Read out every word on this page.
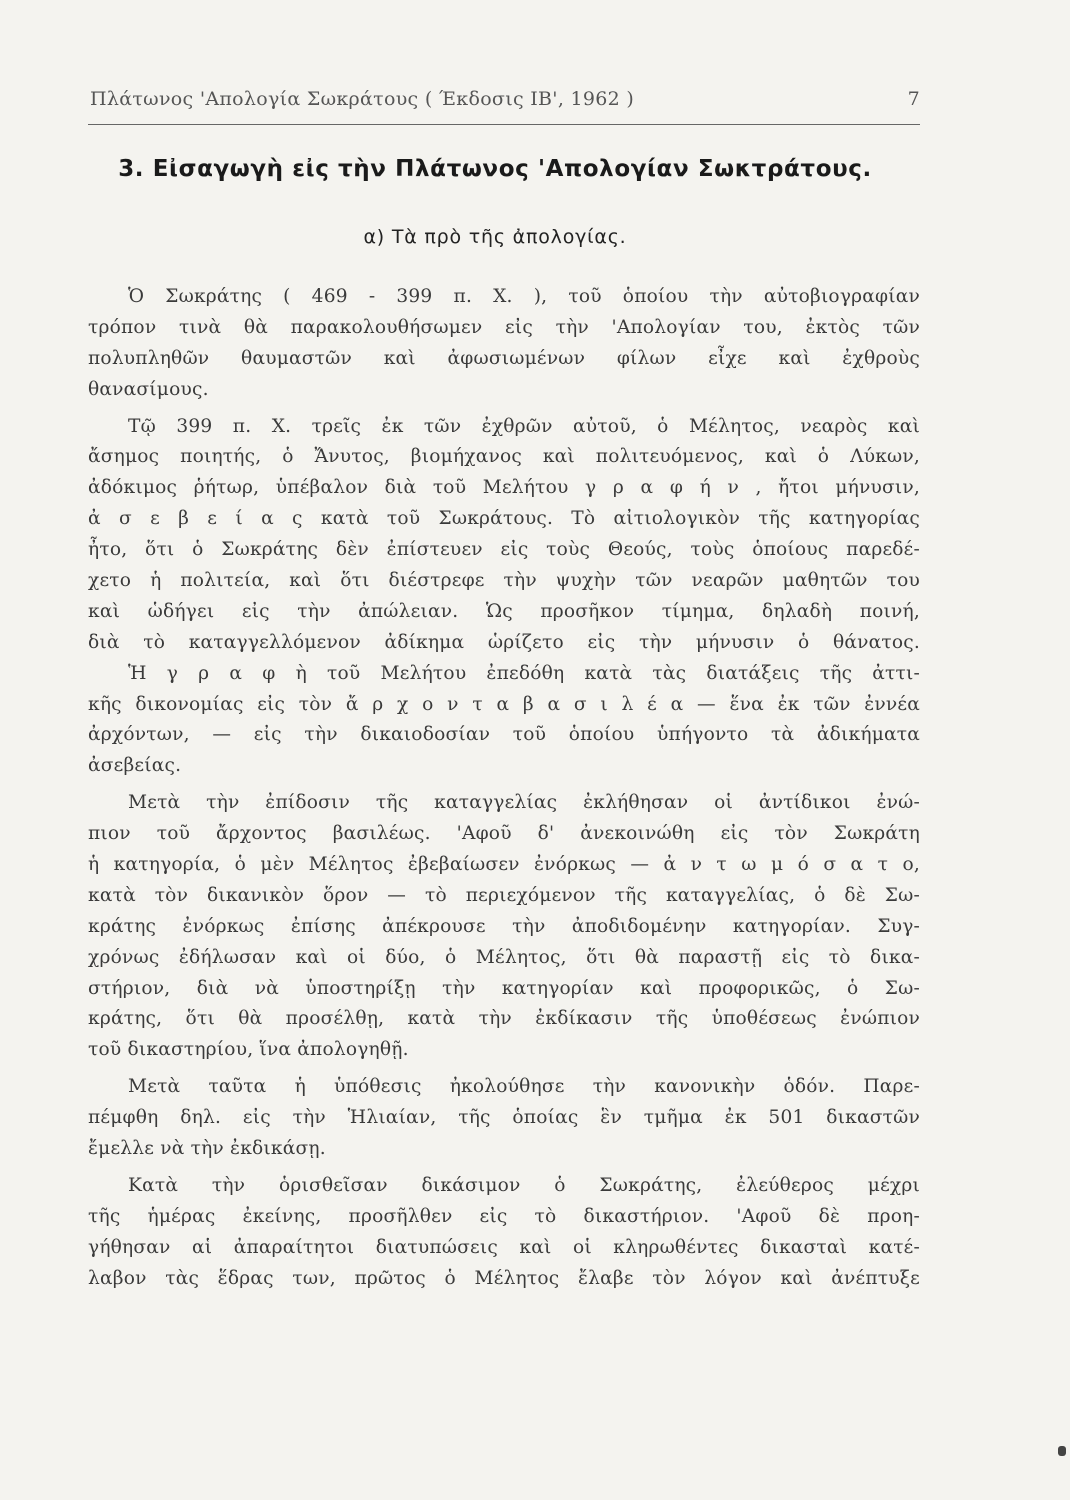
Πλάτωνος 'Απολογία Σωκράτους ( Έκδοσις ΙΒ', 1962 )	7
3. Εἰσαγωγὴ εἰς τὴν Πλάτωνος 'Απολογίαν Σωκτράτους.
α) Τὰ πρὸ τῆς ἀπολογίας.
Ὁ Σωκράτης ( 469 - 399 π. Χ. ), τοῦ ὁποίου τὴν αὐτοβιογραφίαν
τρόπον τινὰ θὰ παρακολουθήσωμεν εἰς τὴν 'Απολογίαν του, ἐκτὸς τῶν
πολυπληθῶν θαυμαστῶν καὶ ἀφωσιωμένων φίλων εἶχε καὶ ἐχθροὺς
θανασίμους.
Τῷ 399 π. Χ. τρεῖς ἐκ τῶν ἐχθρῶν αὐτοῦ, ὁ Μέλητος, νεαρὸς καὶ
ἄσημος ποιητής, ὁ Ἄνυτος, βιομήχανος καὶ πολιτευόμενος, καὶ ὁ Λύκων,
ἀδόκιμος ῥήτωρ, ὑπέβαλον διὰ τοῦ Μελήτου γ ρ α φ ή ν , ἤτοι μήνυσιν,
ἀ σ ε β ε ί α ς κατὰ τοῦ Σωκράτους. Τὸ αἰτιολογικὸν τῆς κατηγορίας
ἦτο, ὅτι ὁ Σωκράτης δὲν ἐπίστευεν εἰς τοὺς Θεούς, τοὺς ὁποίους παρεδέ-
χετο ἡ πολιτεία, καὶ ὅτι διέστρεφε τὴν ψυχὴν τῶν νεαρῶν μαθητῶν του
καὶ ὡδήγει εἰς τὴν ἀπώλειαν. Ὡς προσῆκον τίμημα, δηλαδὴ ποινή,
διὰ τὸ καταγγελλόμενον ἀδίκημα ὡρίζετο εἰς τὴν μήνυσιν ὁ θάνατος.
Ἡ γ ρ α φ ὴ τοῦ Μελήτου ἐπεδόθη κατὰ τὰς διατάξεις τῆς ἀττι-
κῆς δικονομίας εἰς τὸν ἄ ρ χ ο ν τ α β α σ ι λ έ α — ἕνα ἐκ τῶν ἐννέα
ἀρχόντων, — εἰς τὴν δικαιοδοσίαν τοῦ ὁποίου ὑπήγοντο τὰ ἀδικήματα
ἀσεβείας.
Μετὰ τὴν ἐπίδοσιν τῆς καταγγελίας ἐκλήθησαν οἱ ἀντίδικοι ἐνώ-
πιον τοῦ ἄρχοντος βασιλέως. 'Αφοῦ δ' ἀνεκοινώθη εἰς τὸν Σωκράτη
ἡ κατηγορία, ὁ μὲν Μέλητος ἐβεβαίωσεν ἐνόρκως — ἀ ν τ ω μ ό σ α τ ο,
κατὰ τὸν δικανικὸν ὅρον — τὸ περιεχόμενον τῆς καταγγελίας, ὁ δὲ Σω-
κράτης ἐνόρκως ἐπίσης ἀπέκρουσε τὴν ἀποδιδομένην κατηγορίαν. Συγ-
χρόνως ἐδήλωσαν καὶ οἱ δύο, ὁ Μέλητος, ὅτι θὰ παραστῇ εἰς τὸ δικα-
στήριον, διὰ νὰ ὑποστηρίξῃ τὴν κατηγορίαν καὶ προφορικῶς, ὁ Σω-
κράτης, ὅτι θὰ προσέλθῃ, κατὰ τὴν ἐκδίκασιν τῆς ὑποθέσεως ἐνώπιον
τοῦ δικαστηρίου, ἵνα ἀπολογηθῇ.
Μετὰ ταῦτα ἡ ὑπόθεσις ἠκολούθησε τὴν κανονικὴν ὁδόν. Παρε-
πέμφθη δηλ. εἰς τὴν Ἡλιαίαν, τῆς ὁποίας ἓν τμῆμα ἐκ 501 δικαστῶν
ἔμελλε νὰ τὴν ἐκδικάσῃ.
Κατὰ τὴν ὁρισθεῖσαν δικάσιμον ὁ Σωκράτης, ἐλεύθερος μέχρι
τῆς ἡμέρας ἐκείνης, προσῆλθεν εἰς τὸ δικαστήριον. 'Αφοῦ δὲ προη-
γήθησαν αἱ ἀπαραίτητοι διατυπώσεις καὶ οἱ κληρωθέντες δικασταὶ κατέ-
λαβον τὰς ἕδρας των, πρῶτος ὁ Μέλητος ἔλαβε τὸν λόγον καὶ ἀνέπτυξε
